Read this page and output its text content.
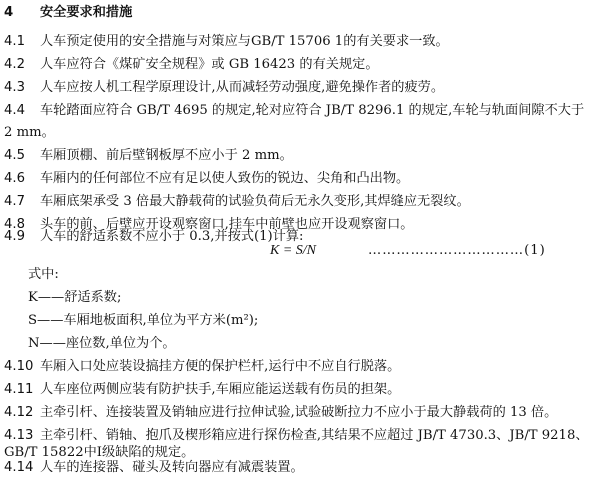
4 安全要求和措施
4.1 人车预定使用的安全措施与对策应与GB/T 15706 1的有关要求一致。
4.2 人车应符合《煤矿安全规程》或 GB 16423 的有关规定。
4.3 人车应按人机工程学原理设计,从而减轻劳动强度,避免操作者的疲劳。
4.4 车轮踏面应符合 GB/T 4695 的规定,轮对应符合 JB/T 8296.1 的规定,车轮与轨面间隙不大于
2 mm。
4.5 车厢顶棚、前后壁钢板厚不应小于 2 mm。
4.6 车厢内的任何部位不应有足以使人致伤的锐边、尖角和凸出物。
4.7 车厢底架承受 3 倍最大静载荷的试验负荷后无永久变形,其焊缝应无裂纹。
4.8 头车的前、后壁应开设观察窗口,挂车中前壁也应开设观察窗口。
4.9 人车的舒适系数不应小于 0.3,并按式(1)计算:
K = S/N	……………………………(1)
式中:
K——舒适系数;
S——车厢地板面积,单位为平方米(m²);
N——座位数,单位为个。
4.10 车厢入口处应装设搞挂方便的保护栏杆,运行中不应自行脱落。
4.11 人车座位两侧应装有防护扶手,车厢应能运送载有伤员的担架。
4.12 主牵引杆、连接装置及销轴应进行拉伸试验,试验破断拉力不应小于最大静载荷的 13 倍。
4.13 主牵引杆、销轴、抱爪及楔形箱应进行探伤检查,其结果不应超过 JB/T 4730.3、JB/T 9218、
GB/T 15822中Ⅰ级缺陷的规定。
4.14 人车的连接器、碰头及转向器应有减震装置。
